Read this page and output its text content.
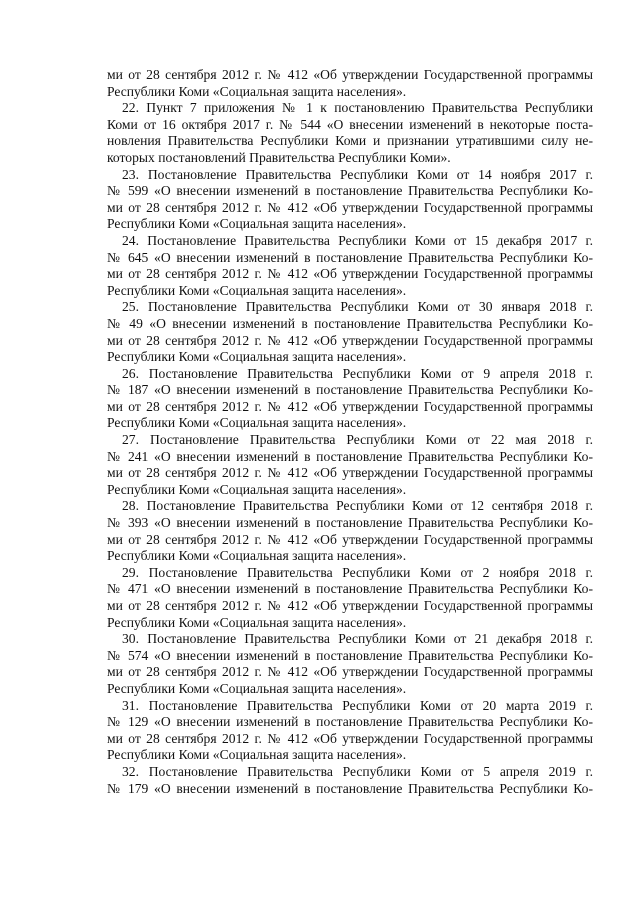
ми от 28 сентября 2012 г. № 412 «Об утверждении Государственной программы
Республики Коми «Социальная защита населения».
22. Пункт 7 приложения № 1 к постановлению Правительства Республики
Коми от 16 октября 2017 г. № 544 «О внесении изменений в некоторые поста-
новления Правительства Республики Коми и признании утратившими силу не-
которых постановлений Правительства Республики Коми».
23. Постановление Правительства Республики Коми от 14 ноября 2017 г.
№ 599 «О внесении изменений в постановление Правительства Республики Ко-
ми от 28 сентября 2012 г. № 412 «Об утверждении Государственной программы
Республики Коми «Социальная защита населения».
24. Постановление Правительства Республики Коми от 15 декабря 2017 г.
№ 645 «О внесении изменений в постановление Правительства Республики Ко-
ми от 28 сентября 2012 г. № 412 «Об утверждении Государственной программы
Республики Коми «Социальная защита населения».
25. Постановление Правительства Республики Коми от 30 января 2018 г.
№ 49 «О внесении изменений в постановление Правительства Республики Ко-
ми от 28 сентября 2012 г. № 412 «Об утверждении Государственной программы
Республики Коми «Социальная защита населения».
26. Постановление Правительства Республики Коми от 9 апреля 2018 г.
№ 187 «О внесении изменений в постановление Правительства Республики Ко-
ми от 28 сентября 2012 г. № 412 «Об утверждении Государственной программы
Республики Коми «Социальная защита населения».
27. Постановление Правительства Республики Коми от 22 мая 2018 г.
№ 241 «О внесении изменений в постановление Правительства Республики Ко-
ми от 28 сентября 2012 г. № 412 «Об утверждении Государственной программы
Республики Коми «Социальная защита населения».
28. Постановление Правительства Республики Коми от 12 сентября 2018 г.
№ 393 «О внесении изменений в постановление Правительства Республики Ко-
ми от 28 сентября 2012 г. № 412 «Об утверждении Государственной программы
Республики Коми «Социальная защита населения».
29. Постановление Правительства Республики Коми от 2 ноября 2018 г.
№ 471 «О внесении изменений в постановление Правительства Республики Ко-
ми от 28 сентября 2012 г. № 412 «Об утверждении Государственной программы
Республики Коми «Социальная защита населения».
30. Постановление Правительства Республики Коми от 21 декабря 2018 г.
№ 574 «О внесении изменений в постановление Правительства Республики Ко-
ми от 28 сентября 2012 г. № 412 «Об утверждении Государственной программы
Республики Коми «Социальная защита населения».
31. Постановление Правительства Республики Коми от 20 марта 2019 г.
№ 129 «О внесении изменений в постановление Правительства Республики Ко-
ми от 28 сентября 2012 г. № 412 «Об утверждении Государственной программы
Республики Коми «Социальная защита населения».
32. Постановление Правительства Республики Коми от 5 апреля 2019 г.
№ 179 «О внесении изменений в постановление Правительства Республики Ко-
